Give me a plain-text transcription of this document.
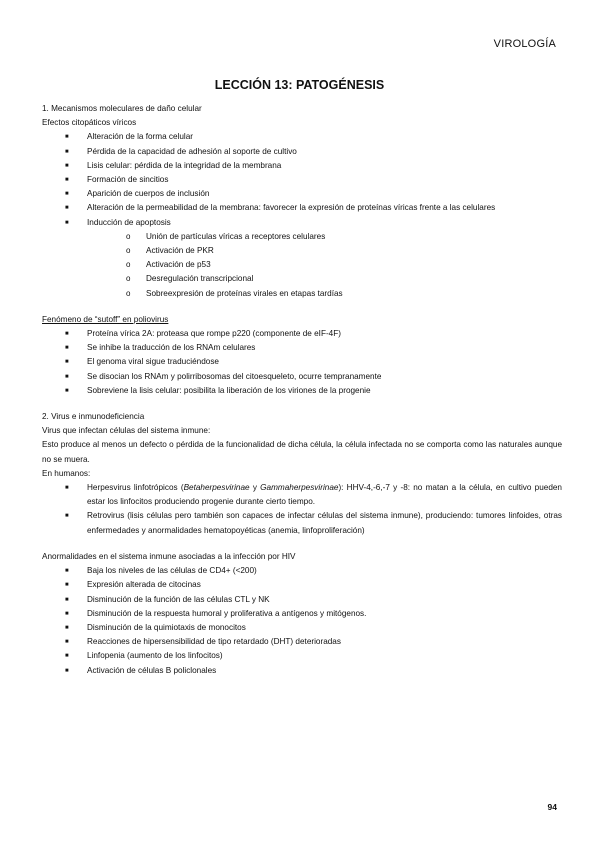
VIROLOGÍA
LECCIÓN 13: PATOGÉNESIS
1. Mecanismos moleculares de daño celular
Efectos citopáticos víricos
■ Alteración de la forma celular
■ Pérdida de la capacidad de adhesión al soporte de cultivo
■ Lisis celular: pérdida de la integridad de la membrana
■ Formación de sincitios
■ Aparición de cuerpos de inclusión
■ Alteración de la permeabilidad de la membrana: favorecer la expresión de proteínas víricas frente a las celulares
■ Inducción de apoptosis
o Unión de partículas víricas a receptores celulares
o Activación de PKR
o Activación de p53
o Desregulación transcripcional
o Sobreexpresión de proteínas virales en etapas tardías
Fenómeno de “sutoff” en poliovirus
■ Proteína vírica 2A: proteasa que rompe p220 (componente de eIF-4F)
■ Se inhibe la traducción de los RNAm celulares
■ El genoma viral sigue traduciéndose
■ Se disocian los RNAm y polirribosomas del citoesqueleto, ocurre tempranamente
■ Sobreviene la lisis celular: posibilita la liberación de los viriones de la progenie
2. Virus e inmunodeficiencia
Virus que infectan células del sistema inmune:
Esto produce al menos un defecto o pérdida de la funcionalidad de dicha célula, la célula infectada no se comporta como las naturales aunque no se muera.
En humanos:
■ Herpesvirus linfotrópicos (Betaherpesvirinae y Gammaherpesvirinae): HHV-4,-6,-7 y -8: no matan a la célula, en cultivo pueden estar los linfocitos produciendo progenie durante cierto tiempo.
■ Retrovirus (lisis células pero también son capaces de infectar células del sistema inmune), produciendo: tumores linfoides, otras enfermedades y anormalidades hematopoyéticas (anemia, linfoproliferación)
Anormalidades en el sistema inmune asociadas a la infección por HIV
■ Baja los niveles de las células de CD4+ (<200)
■ Expresión alterada de citocinas
■ Disminución de la función de las células CTL y NK
■ Disminución de la respuesta humoral y proliferativa a antígenos y mitógenos.
■ Disminución de la quimiotaxis de monocitos
■ Reacciones de hipersensibilidad de tipo retardado (DHT) deterioradas
■ Linfopenia (aumento de los linfocitos)
■ Activación de células B policlonales
94
